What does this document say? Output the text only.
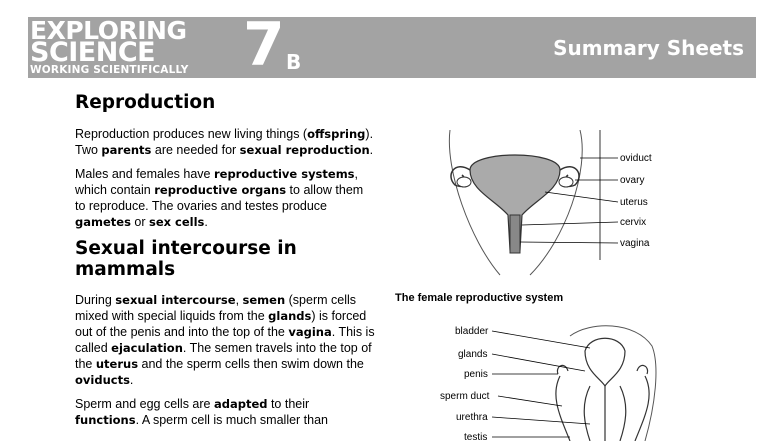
EXPLORING
SCIENCE
WORKING SCIENTIFICALLY 7 B
Summary Sheets
Reproduction

Reproduction produces new living things (offspring). Two parents are needed for sexual reproduction.

Males and females have reproductive systems, which contain reproductive organs to allow them to reproduce. The ovaries and testes produce gametes or sex cells.

Sexual intercourse in mammals

During sexual intercourse, semen (sperm cells mixed with special liquids from the glands) is forced out of the penis and into the top of the vagina. This is called ejaculation. The semen travels into the top of the uterus and the sperm cells then swim down the oviducts.

Sperm and egg cells are adapted to their functions. A sperm cell is much smaller than

oviduct
ovary
uterus
cervix
vagina
The female reproductive system
bladder
glands
penis
sperm duct
urethra
testis
